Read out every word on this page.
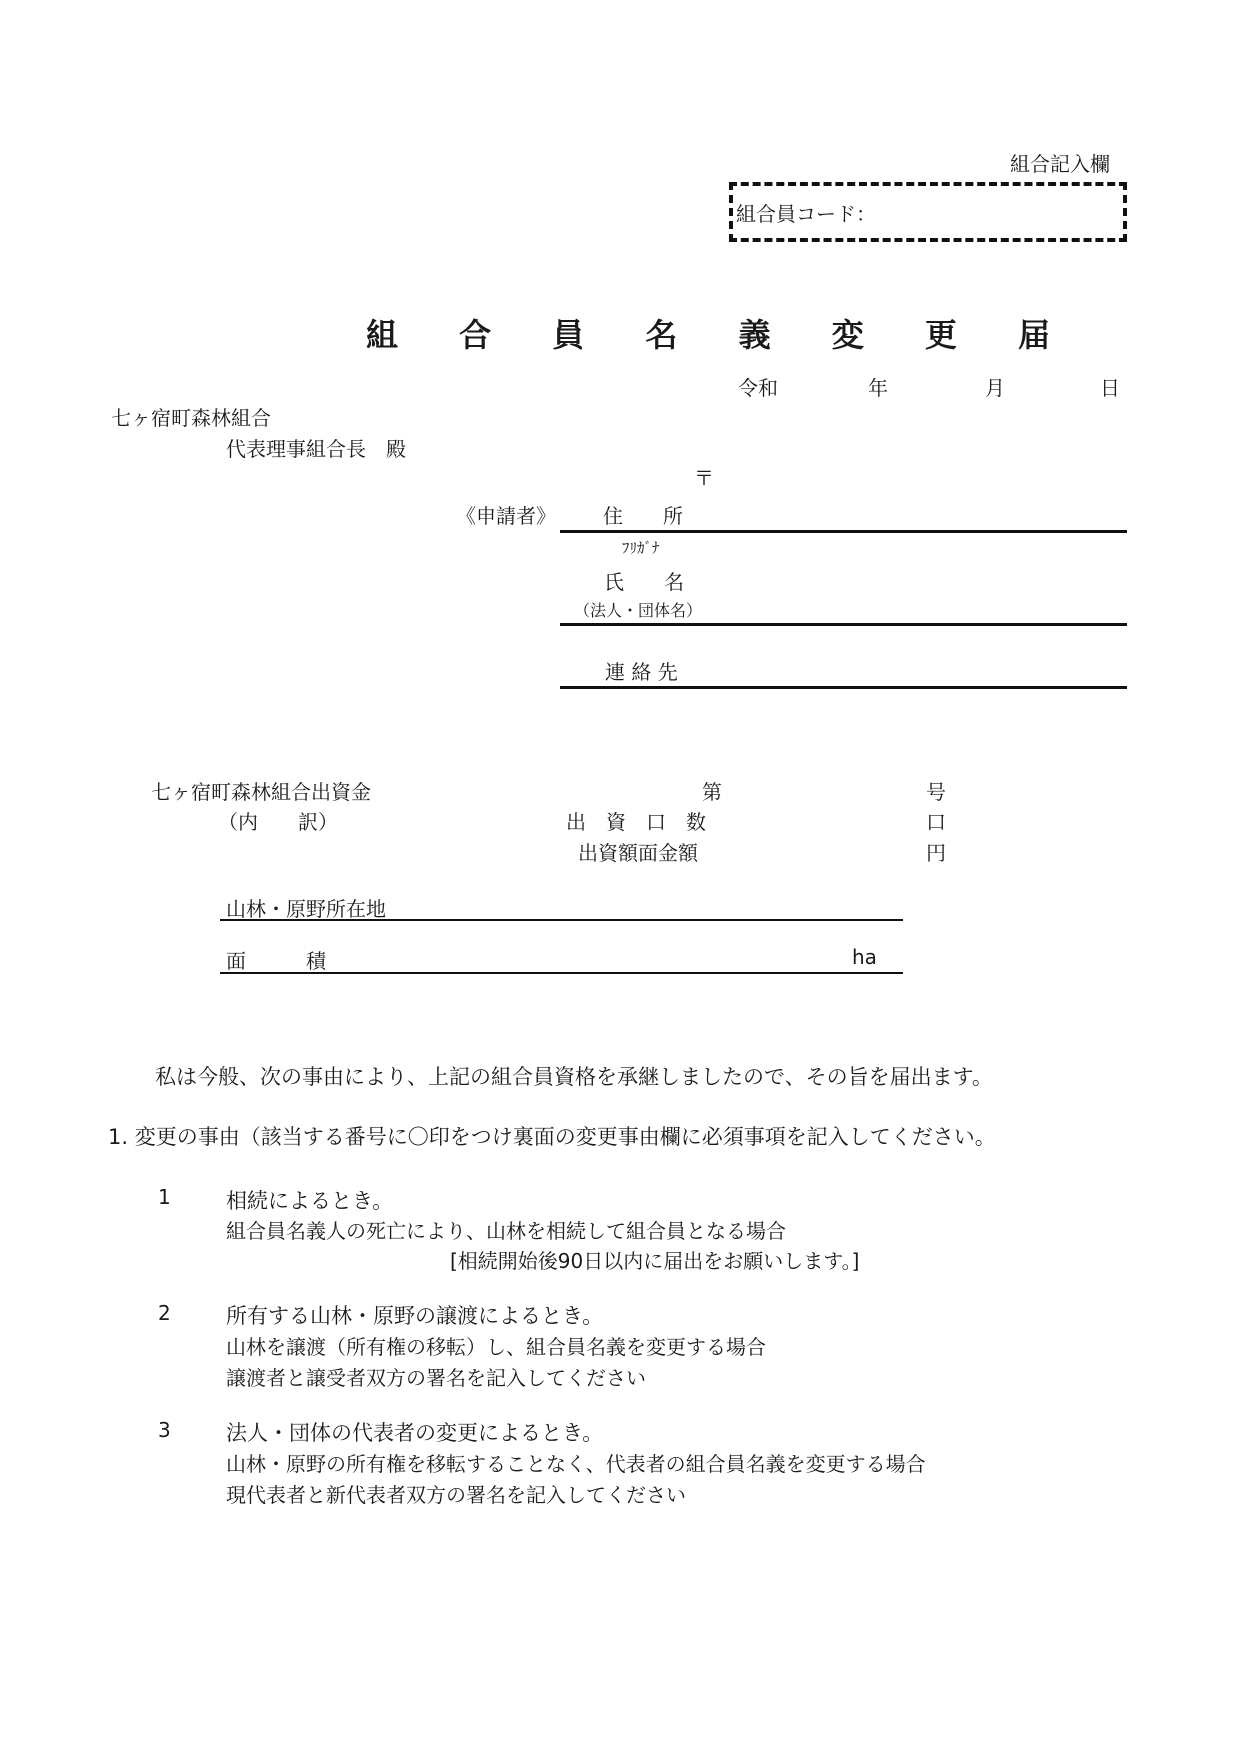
組合記入欄
組合員コード：
組 合 員 名 義 変 更 届
令和	年	月	日
七ヶ宿町森林組合
代表理事組合長　殿
〒
《申請者》 住　　所
ﾌﾘｶﾞﾅ
氏　　名
（法人・団体名）
連 絡 先
七ヶ宿町森林組合出資金	第	号
（内　　訳）	出　資　口　数	口
出資額面金額	円
山林・原野所在地
面　　　積	ha
私は今般、次の事由により、上記の組合員資格を承継しましたので、その旨を届出ます。
1. 変更の事由（該当する番号に〇印をつけ裏面の変更事由欄に必須事項を記入してください。
1	相続によるとき。
組合員名義人の死亡により、山林を相続して組合員となる場合
[相続開始後90日以内に届出をお願いします。]
2	所有する山林・原野の譲渡によるとき。
山林を譲渡（所有権の移転）し、組合員名義を変更する場合
譲渡者と譲受者双方の署名を記入してください
3	法人・団体の代表者の変更によるとき。
山林・原野の所有権を移転することなく、代表者の組合員名義を変更する場合
現代表者と新代表者双方の署名を記入してください
